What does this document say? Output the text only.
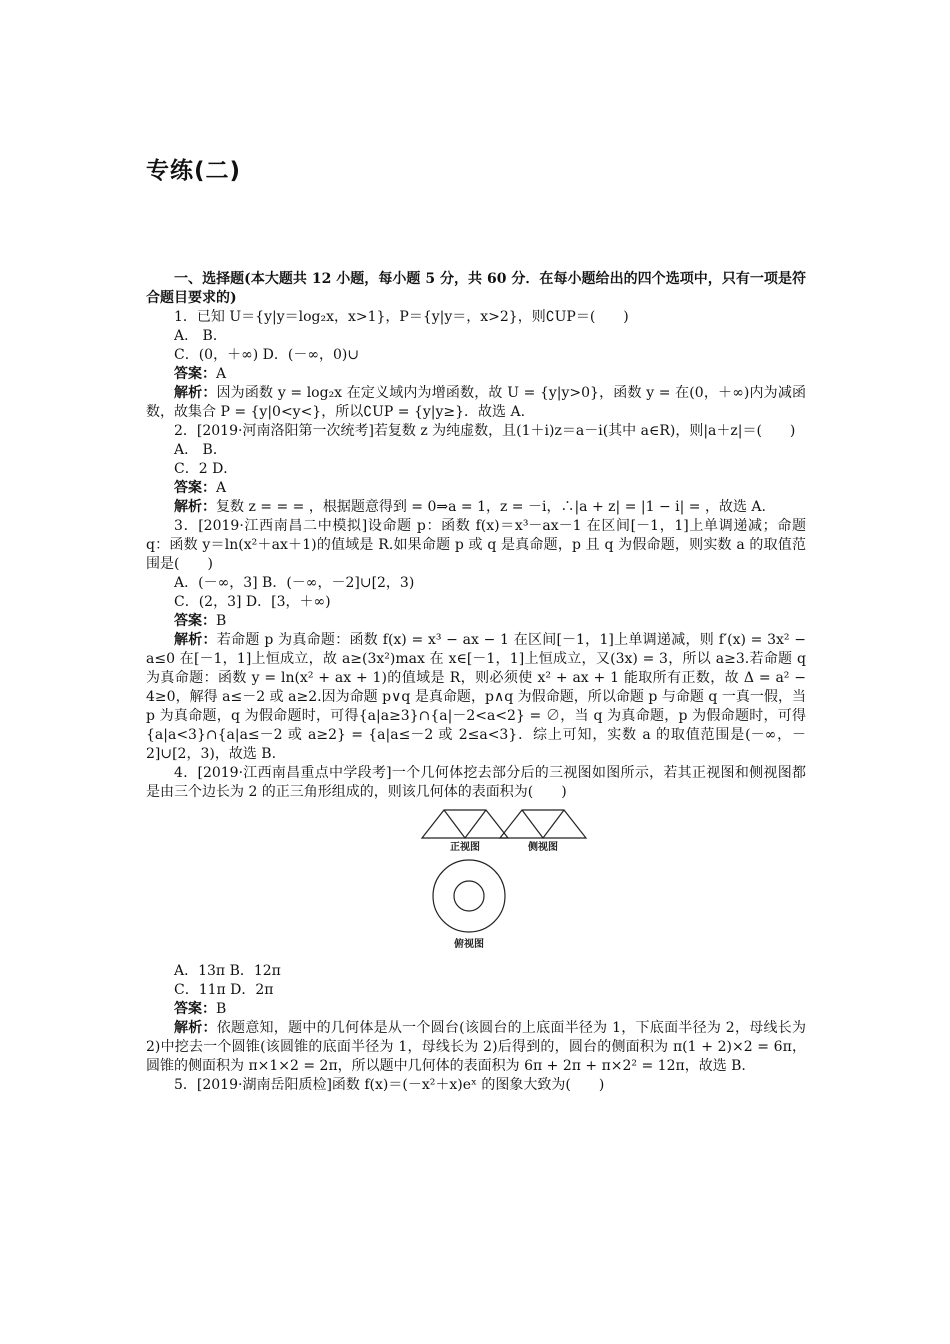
专练(二)

一、选择题(本大题共 12 小题，每小题 5 分，共 60 分．在每小题给出的四个选项中，只有一项是符合题目要求的)

1．已知 U＝{y|y＝log₂x，x>1}，P＝{y|y＝，x>2}，则∁UP＝(　　)

A． B．

C．(0，＋∞) D．(－∞，0)∪

答案：A

解析：因为函数 y = log₂x 在定义域内为增函数，故 U = {y|y>0}，函数 y = 在(0，＋∞)内为减函数，故集合 P = {y|0<y<}，所以∁UP = {y|y≥}．故选 A.

2．[2019·河南洛阳第一次统考]若复数 z 为纯虚数，且(1＋i)z＝a－i(其中 a∈R)，则|a＋z|＝(　　)

A． B．

C．2 D．

答案：A

解析：复数 z = = = ，根据题意得到 = 0⇒a = 1，z = －i，∴|a + z| = |1 − i| = ，故选 A.

3．[2019·江西南昌二中模拟]设命题 p：函数 f(x)＝x³－ax－1 在区间[－1，1]上单调递减；命题 q：函数 y＝ln(x²＋ax＋1)的值域是 R.如果命题 p 或 q 是真命题，p 且 q 为假命题，则实数 a 的取值范围是(　　)

A．(－∞，3] B．(－∞，－2]∪[2，3)

C．(2，3] D．[3，＋∞)

答案：B

解析：若命题 p 为真命题：函数 f(x) = x³ − ax − 1 在区间[－1，1]上单调递减，则 f′(x) = 3x² − a≤0 在[－1，1]上恒成立，故 a≥(3x²)max 在 x∈[－1，1]上恒成立，又(3x) = 3，所以 a≥3.若命题 q 为真命题：函数 y = ln(x² + ax + 1)的值域是 R，则必须使 x² + ax + 1 能取所有正数，故 Δ = a² − 4≥0，解得 a≤－2 或 a≥2.因为命题 p∨q 是真命题，p∧q 为假命题，所以命题 p 与命题 q 一真一假，当 p 为真命题，q 为假命题时，可得{a|a≥3}∩{a|－2<a<2} = ∅，当 q 为真命题，p 为假命题时，可得{a|a<3}∩{a|a≤－2 或 a≥2} = {a|a≤－2 或 2≤a<3}．综上可知，实数 a 的取值范围是(－∞，－2]∪[2，3)，故选 B.

4．[2019·江西南昌重点中学段考]一个几何体挖去部分后的三视图如图所示，若其正视图和侧视图都是由三个边长为 2 的正三角形组成的，则该几何体的表面积为(　　)

正视图	侧视图
俯视图

A．13π B．12π

C．11π D．2π

答案：B

解析：依题意知，题中的几何体是从一个圆台(该圆台的上底面半径为 1，下底面半径为 2，母线长为 2)中挖去一个圆锥(该圆锥的底面半径为 1，母线长为 2)后得到的，圆台的侧面积为 π(1 + 2)×2 = 6π，圆锥的侧面积为 π×1×2 = 2π，所以题中几何体的表面积为 6π + 2π + π×2² = 12π，故选 B.

5．[2019·湖南岳阳质检]函数 f(x)＝(－x²＋x)eˣ 的图象大致为(　　)
